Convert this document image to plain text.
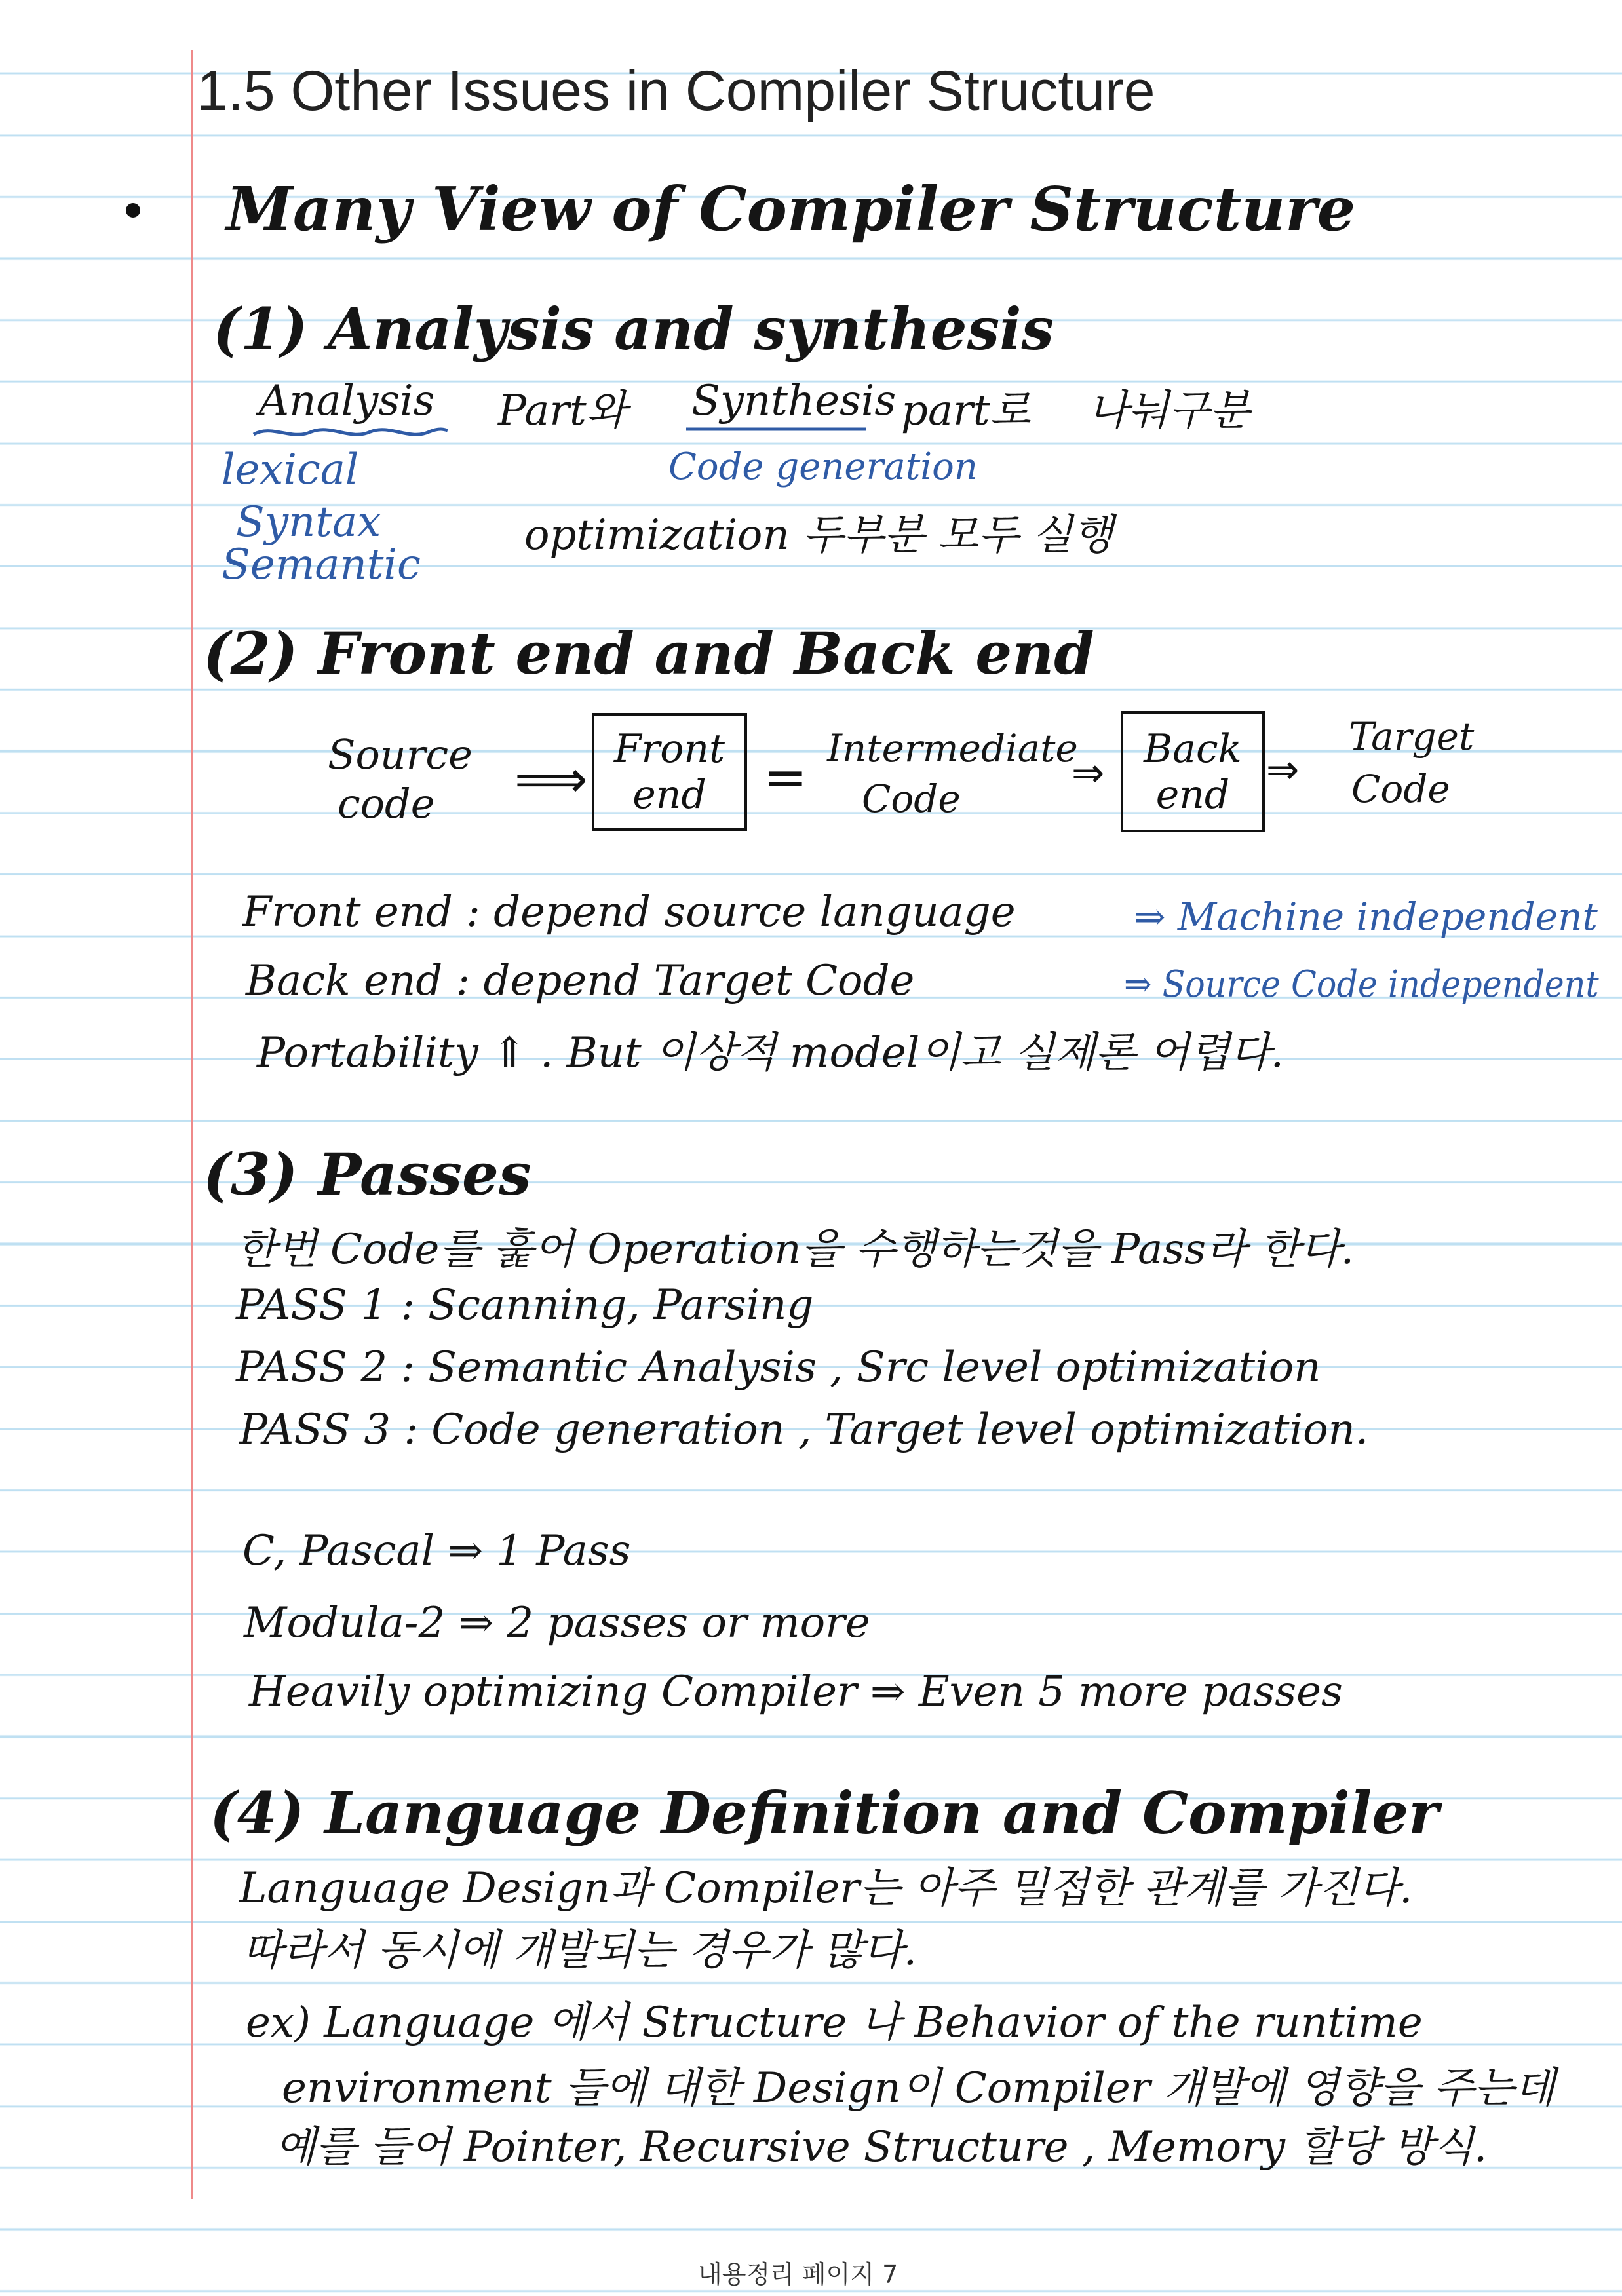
1.5 Other Issues in Compiler Structure
Many View of Compiler Structure
(1) Analysis and synthesis
Analysis Part와 Synthesis part로 나눠구분
lexical	Code generation
Syntax	optimization 두부분 모두 실행
Semantic
(2) Front end and Back end
Source
code ⟹
Front
end = Intermediate
Code
⇒
Back
end
⇒
Target
Code
Front end : depend source language	⇒ Machine independent
Back end : depend Target Code	⇒ Source Code independent
Portability ⇑ . But 이상적 model이고 실제론 어렵다.
(3) Passes
한번 Code를 훑어 Operation을 수행하는것을 Pass라 한다.
PASS 1 : Scanning, Parsing
PASS 2 : Semantic Analysis , Src level optimization
PASS 3 : Code generation , Target level optimization.
C, Pascal ⇒ 1 Pass
Modula-2 ⇒ 2 passes or more
Heavily optimizing Compiler ⇒ Even 5 more passes
(4) Language Definition and Compiler
Language Design과 Compiler는 아주 밀접한 관계를 가진다.
따라서 동시에 개발되는 경우가 많다.
ex) Language 에서 Structure 나 Behavior of the runtime
environment 들에 대한 Design이 Compiler 개발에 영향을 주는데
예를 들어 Pointer, Recursive Structure , Memory 할당 방식.
내용정리 페이지 7
